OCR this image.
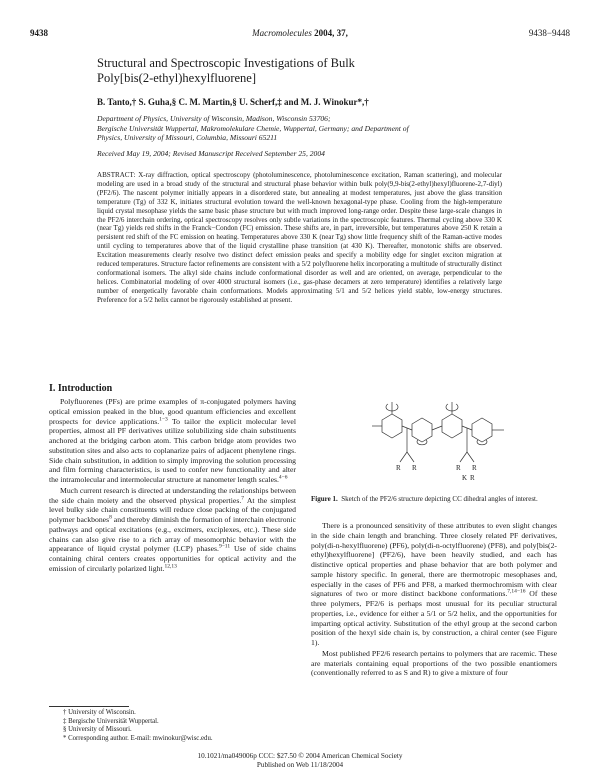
9438	Macromolecules 2004, 37,	9438−9448
Structural and Spectroscopic Investigations of Bulk
Poly[bis(2-ethyl)hexylfluorene]
B. Tanto,† S. Guha,§ C. M. Martin,§ U. Scherf,‡ and M. J. Winokur*,†
Department of Physics, University of Wisconsin, Madison, Wisconsin 53706;
Bergische Universität Wuppertal, Makromolekulare Chemie, Wuppertal, Germany; and Department of
Physics, University of Missouri, Columbia, Missouri 65211
Received May 19, 2004; Revised Manuscript Received September 25, 2004
ABSTRACT: X-ray diffraction, optical spectroscopy (photoluminescence, photoluminescence excitation, Raman scattering), and molecular modeling are used in a broad study of the structural and structural phase behavior within bulk poly(9,9-bis(2-ethyl)hexyl)fluorene-2,7-diyl) (PF2/6). The nascent polymer initially appears in a disordered state, but annealing at modest temperatures, just above the glass transition temperature (Tg) of 332 K, initiates structural evolution toward the well-known hexagonal-type phase. Cooling from the high-temperature liquid crystal mesophase yields the same basic phase structure but with much improved long-range order. Despite these large-scale changes in the PF2/6 interchain ordering, optical spectroscopy resolves only subtle variations in the spectroscopic features. Thermal cycling above 330 K (near Tg) yields red shifts in the Franck−Condon (FC) emission. These shifts are, in part, irreversible, but temperatures above 250 K retain a persistent red shift of the FC emission on heating. Temperatures above 330 K (near Tg) show little frequency shift of the Raman-active modes until cycling to temperatures above that of the liquid crystalline phase transition (at 430 K). Thereafter, monotonic shifts are observed. Excitation measurements clearly resolve two distinct defect emission peaks and specify a mobility edge for singlet exciton migration at reduced temperatures. Structure factor refinements are consistent with a 5/2 polyfluorene helix incorporating a multitude of structurally distinct conformational isomers. The alkyl side chains include conformational disorder as well and are oriented, on average, perpendicular to the helices. Combinatorial modeling of over 4000 structural isomers (i.e., gas-phase decamers at zero temperature) identifies a relatively large number of energetically favorable chain conformations. Models approximating 5/1 and 5/2 helices yield stable, low-energy structures. Preference for a 5/2 helix cannot be rigorously established at present.
I. Introduction

Polyfluorenes (PFs) are prime examples of π-conjugated polymers having optical emission peaked in the blue, good quantum efficiencies and excellent prospects for device applications.$^{1-3}$ To tailor the explicit molecular level properties, almost all PF derivatives utilize solubilizing side chain substituents anchored at the bridging carbon atom. This carbon bridge atom provides two substitution sites and also acts to coplanarize pairs of adjacent phenylene rings. Side chain substitution, in addition to simply improving the solution processing and film forming characteristics, is used to confer new functionality and alter the intramolecular and intermolecular structure at nanometer length scales.$^{4-6}$

Much current research is directed at understanding the relationships between the side chain moiety and the observed physical properties.$^7$ At the simplest level bulky side chain constituents will reduce close packing of the conjugated polymer backbones$^8$ and thereby diminish the formation of interchain electronic pathways and optical excitations (e.g., excimers, exciplexes, etc.). These side chains can also give rise to a rich array of mesomorphic behavior with the appearance of liquid crystal polymer (LCP) phases.$^{9-11}$ Use of side chains containing chiral centers creates opportunities for optical activity and the emission of circularly polarized light.$^{12,13}$

R R	R R
K R
Figure 1. Sketch of the PF2/6 structure depicting CC dihedral angles of interest.

There is a pronounced sensitivity of these attributes to even slight changes in the side chain length and branching. Three closely related PF derivatives, poly(di-n-hexylfluorene) (PF6), poly(di-n-octylfluorene) (PF8), and poly[bis(2-ethyl)hexylfluorene] (PF2/6), have been heavily studied, and each has distinctive optical properties and phase behavior that are both polymer and sample history specific. In general, there are thermotropic mesophases and, especially in the cases of PF6 and PF8, a marked thermochromism with clear signatures of two or more distinct backbone conformations.$^{7,14-16}$ Of these three polymers, PF2/6 is perhaps most unusual for its peculiar structural properties, i.e., evidence for either a 5/1 or 5/2 helix, and the opportunities for imparting optical activity. Substitution of the ethyl group at the second carbon position of the hexyl side chain is, by construction, a chiral center (see Figure 1).

Most published PF2/6 research pertains to polymers that are racemic. These are materials containing equal proportions of the two possible enantiomers (conventionally referred to as S and R) to give a mixture of four

† University of Wisconsin.
‡ Bergische Universität Wuppertal.
§ University of Missouri.
* Corresponding author. E-mail: mwinokur@wisc.edu.
10.1021/ma049006p CCC: $27.50 © 2004 American Chemical Society
Published on Web 11/18/2004
